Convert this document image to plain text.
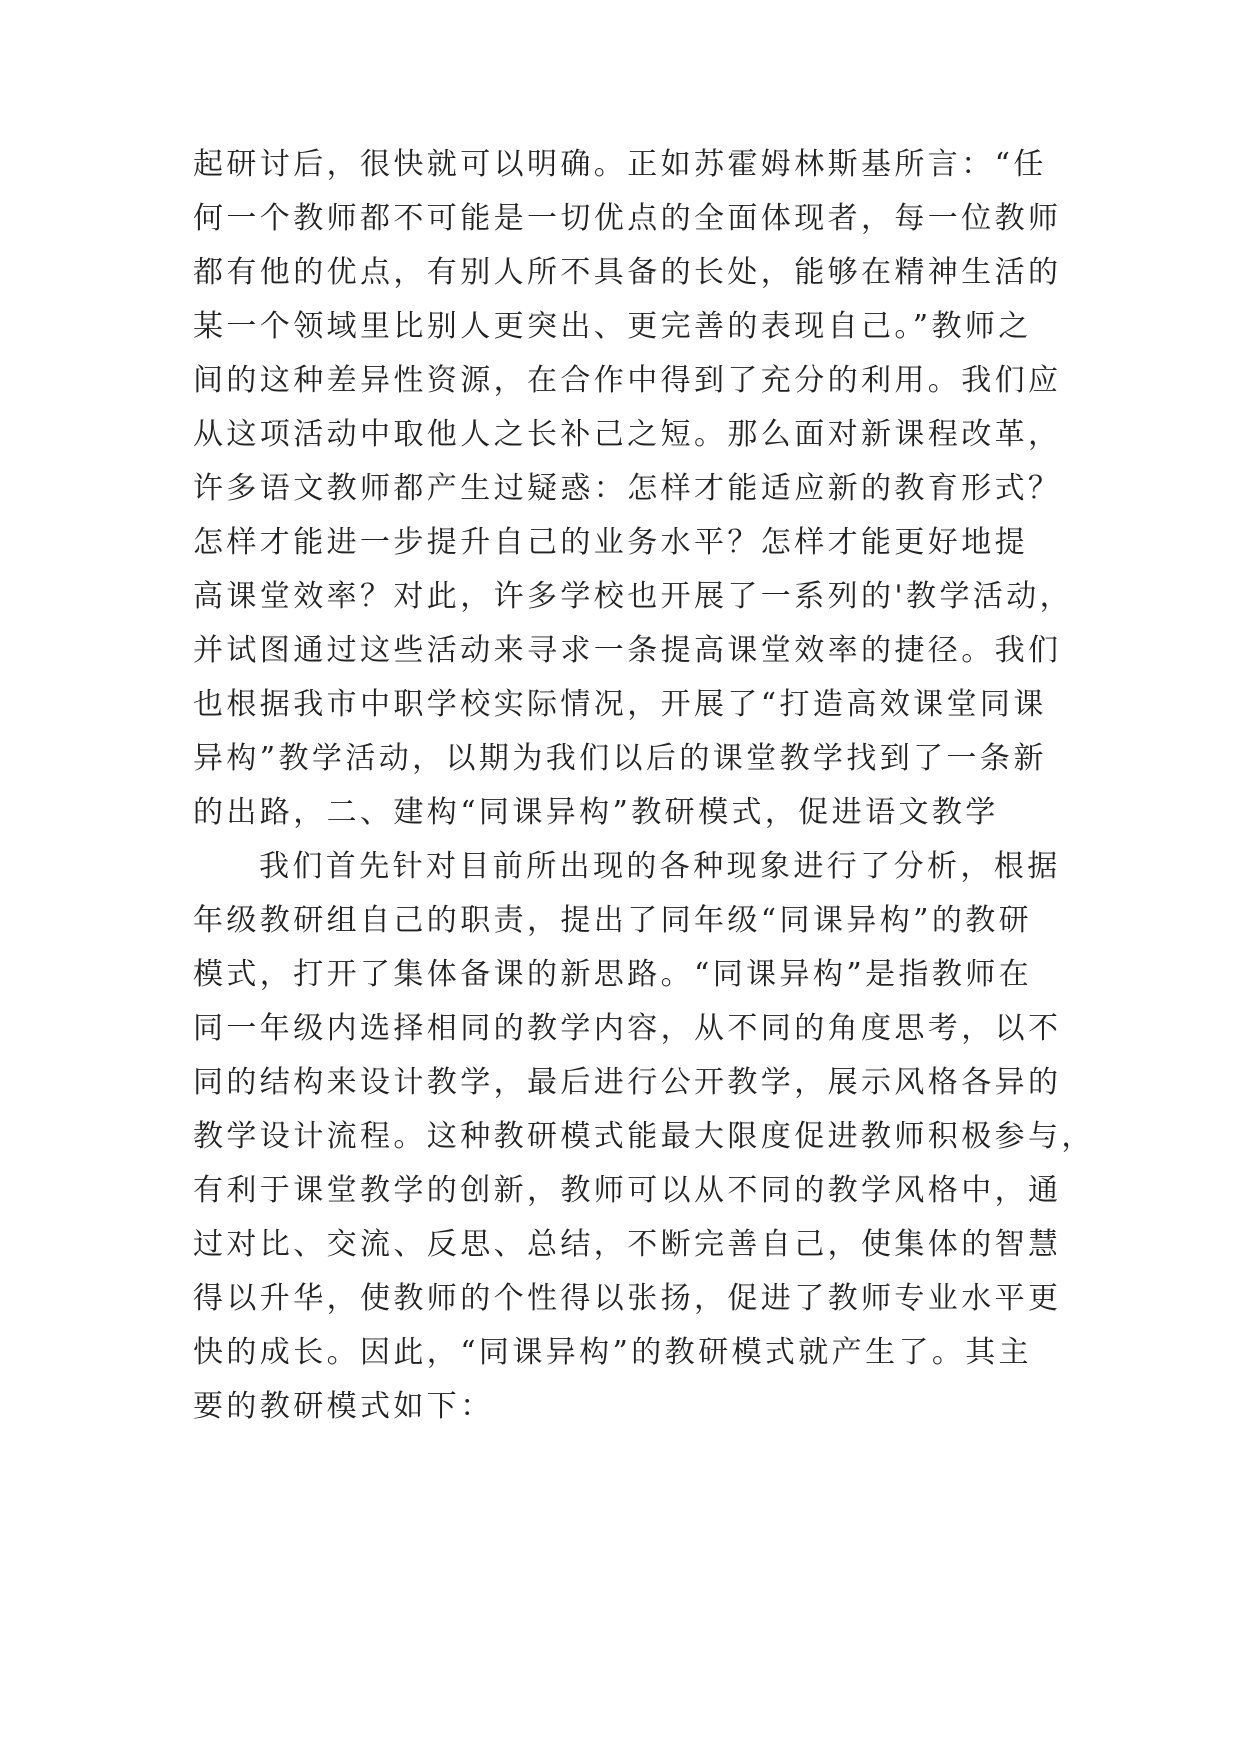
起研讨后，很快就可以明确。正如苏霍姆林斯基所言：“任
何一个教师都不可能是一切优点的全面体现者，每一位教师
都有他的优点，有别人所不具备的长处，能够在精神生活的
某一个领域里比别人更突出、更完善的表现自己。”教师之
间的这种差异性资源，在合作中得到了充分的利用。我们应
从这项活动中取他人之长补己之短。那么面对新课程改革，
许多语文教师都产生过疑惑：怎样才能适应新的教育形式？
怎样才能进一步提升自己的业务水平？怎样才能更好地提
高课堂效率？对此，许多学校也开展了一系列的'教学活动，
并试图通过这些活动来寻求一条提高课堂效率的捷径。我们
也根据我市中职学校实际情况，开展了“打造高效课堂同课
异构”教学活动，以期为我们以后的课堂教学找到了一条新
的出路，二、建构“同课异构”教研模式，促进语文教学
我们首先针对目前所出现的各种现象进行了分析，根据
年级教研组自己的职责，提出了同年级“同课异构”的教研
模式，打开了集体备课的新思路。“同课异构”是指教师在
同一年级内选择相同的教学内容，从不同的角度思考，以不
同的结构来设计教学，最后进行公开教学，展示风格各异的
教学设计流程。这种教研模式能最大限度促进教师积极参与，
有利于课堂教学的创新，教师可以从不同的教学风格中，通
过对比、交流、反思、总结，不断完善自己，使集体的智慧
得以升华，使教师的个性得以张扬，促进了教师专业水平更
快的成长。因此，“同课异构”的教研模式就产生了。其主
要的教研模式如下：
